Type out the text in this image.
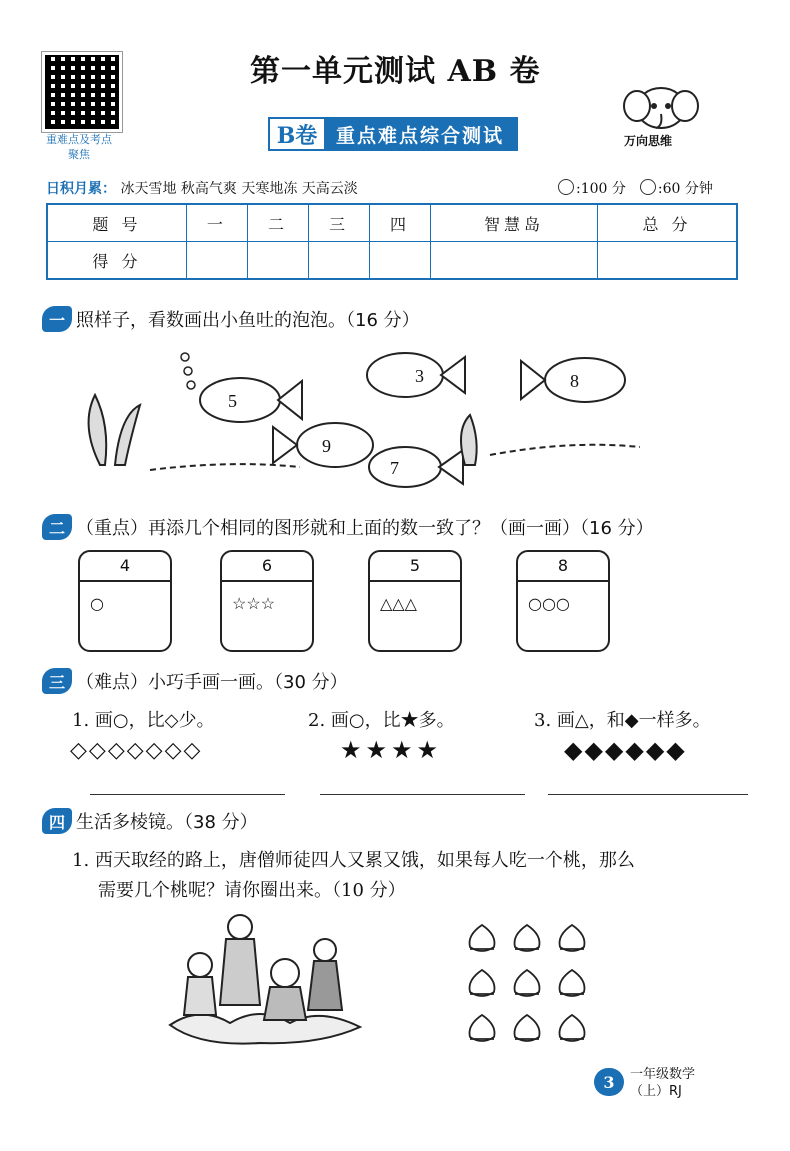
重难点及考点
聚焦
第一单元测试 AB 卷
B卷 重点难点综合测试	万向思维
日积月累： 冰天雪地 秋高气爽 天寒地冻 天高云淡	:100 分	:60 分钟
题 号	一	二	三	四	智慧岛	总 分
得 分						
一 照样子，看数画出小鱼吐的泡泡。（16 分）
5
3	8
9
7
二 （重点）再添几个相同的图形就和上面的数一致了？（画一画）（16 分）
4
○
6
☆☆☆
5
△△△
8
○○○
三 （难点）小巧手画一画。（30 分）
1. 画○，比◇少。	2. 画○，比★多。	3. 画△，和◆一样多。
◇◇◇◇◇◇◇	★★★★	◆◆◆◆◆◆
四 生活多棱镜。（38 分）
1. 西天取经的路上，唐僧师徒四人又累又饿，如果每人吃一个桃，那么
需要几个桃呢？请你圈出来。（10 分）
3	一年级数学
（上）RJ
